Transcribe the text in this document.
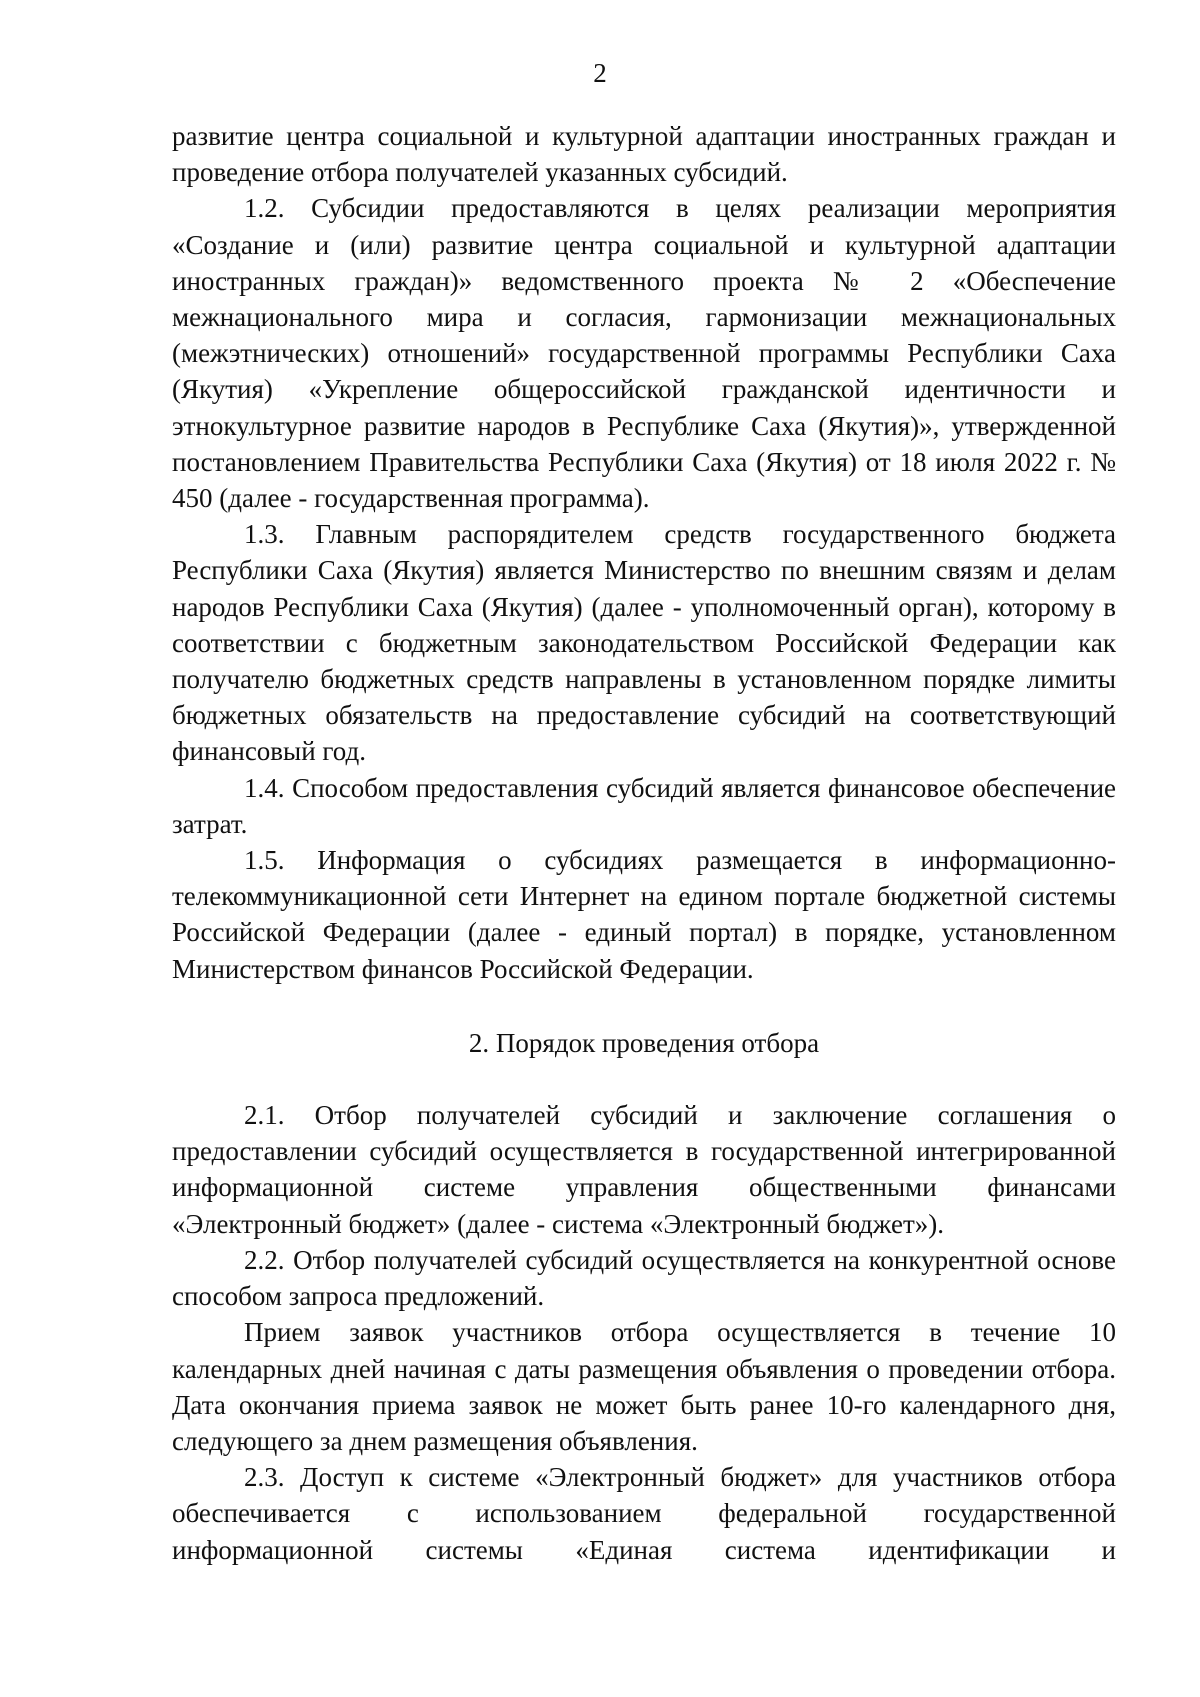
2

развитие центра социальной и культурной адаптации иностранных граждан и проведение отбора получателей указанных субсидий.

1.2. Субсидии предоставляются в целях реализации мероприятия «Создание и (или) развитие центра социальной и культурной адаптации иностранных граждан)» ведомственного проекта № 2 «Обеспечение межнационального мира и согласия, гармонизации межнациональных (межэтнических) отношений» государственной программы Республики Саха (Якутия) «Укрепление общероссийской гражданской идентичности и этнокультурное развитие народов в Республике Саха (Якутия)», утвержденной постановлением Правительства Республики Саха (Якутия) от 18 июля 2022 г. № 450 (далее - государственная программа).

1.3. Главным распорядителем средств государственного бюджета Республики Саха (Якутия) является Министерство по внешним связям и делам народов Республики Саха (Якутия) (далее - уполномоченный орган), которому в соответствии с бюджетным законодательством Российской Федерации как получателю бюджетных средств направлены в установленном порядке лимиты бюджетных обязательств на предоставление субсидий на соответствующий финансовый год.

1.4. Способом предоставления субсидий является финансовое обеспечение затрат.

1.5. Информация о субсидиях размещается в информационно-телекоммуникационной сети Интернет на едином портале бюджетной системы Российской Федерации (далее - единый портал) в порядке, установленном Министерством финансов Российской Федерации.

2. Порядок проведения отбора

2.1. Отбор получателей субсидий и заключение соглашения о предоставлении субсидий осуществляется в государственной интегрированной информационной системе управления общественными финансами «Электронный бюджет» (далее - система «Электронный бюджет»).

2.2. Отбор получателей субсидий осуществляется на конкурентной основе способом запроса предложений.

Прием заявок участников отбора осуществляется в течение 10 календарных дней начиная с даты размещения объявления о проведении отбора. Дата окончания приема заявок не может быть ранее 10-го календарного дня, следующего за днем размещения объявления.

2.3. Доступ к системе «Электронный бюджет» для участников отбора обеспечивается с использованием федеральной государственной информационной системы «Единая система идентификации и
